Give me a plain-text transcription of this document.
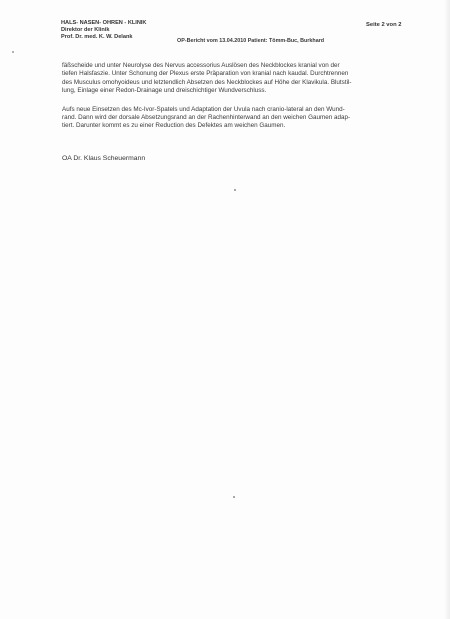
HALS- NASEN- OHREN - KLINIK
Direktor der Klinik
Prof. Dr. med. K. W. Delank
Seite 2 von 2
OP-Bericht vom 13.04.2010 Patient: Tömm-Buc, Burkhard
fäßscheide und unter Neurolyse des Nervus accessorius Auslösen des Neckblockes kranial von der
tiefen Halsfaszie. Unter Schonung der Plexus erste Präparation von kranial nach kaudal. Durchtrennen
des Musculus omohyoideus und letztendlich Absetzen des Neckblockes auf Höhe der Klavikula. Blutstil-
lung, Einlage einer Redon-Drainage und dreischichtiger Wundverschluss.
Aufs neue Einsetzen des Mc-Ivor-Spatels und Adaptation der Uvula nach cranio-lateral an den Wund-
rand. Dann wird der dorsale Absetzungsrand an der Rachenhinterwand an den weichen Gaumen adap-
tiert. Darunter kommt es zu einer Reduction des Defektes am weichen Gaumen.
OA Dr. Klaus Scheuermann
